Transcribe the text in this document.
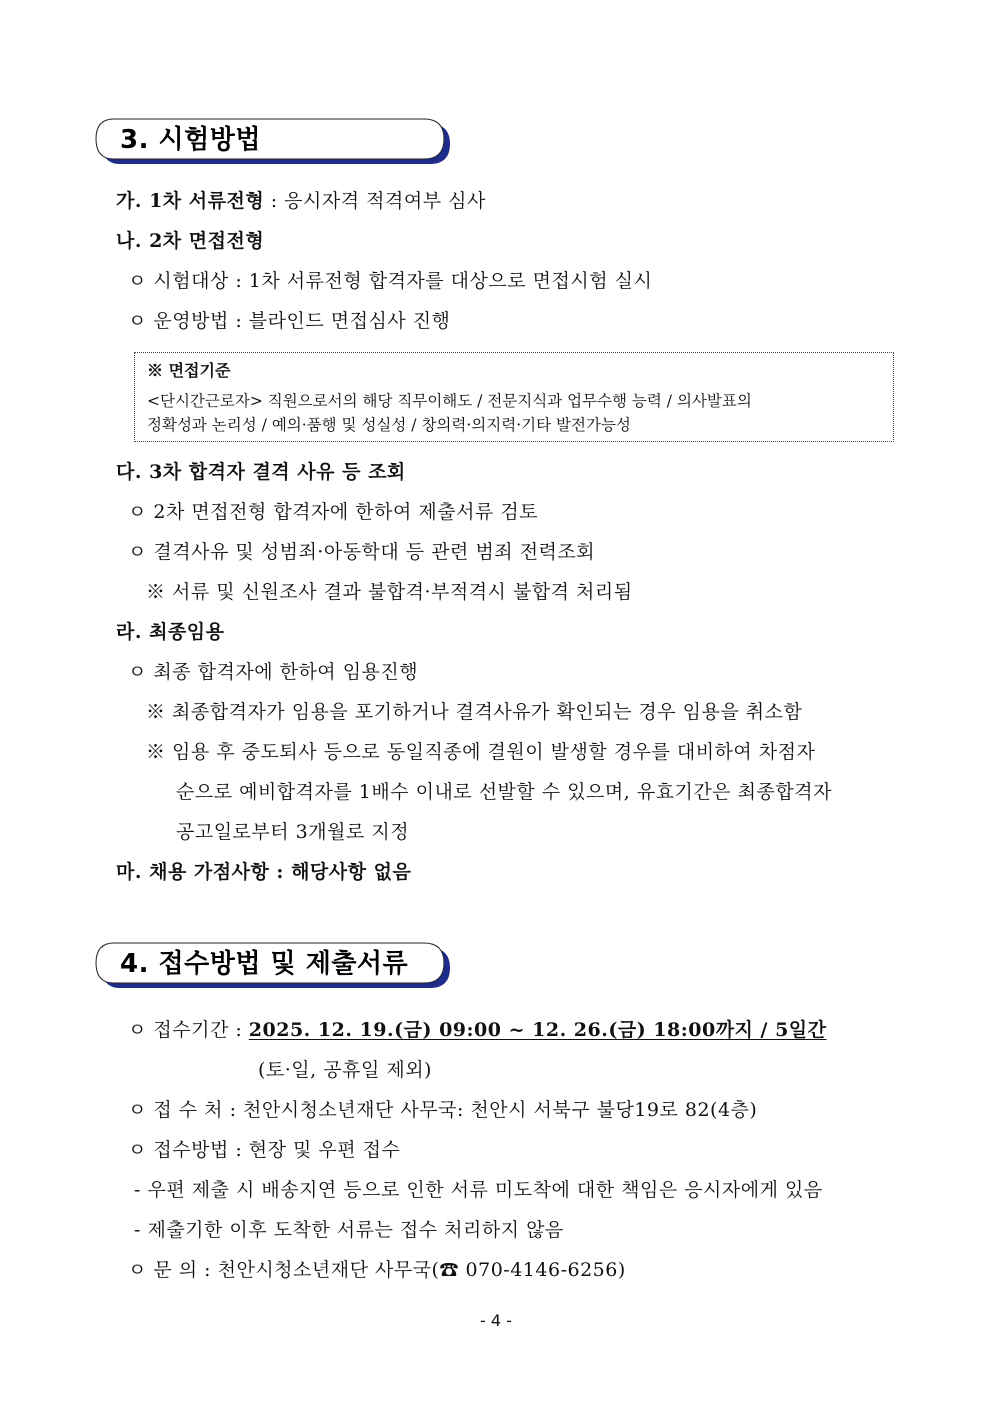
3. 시험방법
가. 1차 서류전형 : 응시자격 적격여부 심사
나. 2차 면접전형
ㅇ 시험대상 : 1차 서류전형 합격자를 대상으로 면접시험 실시
ㅇ 운영방법 : 블라인드 면접심사 진행
※ 면접기준
<단시간근로자> 직원으로서의 해당 직무이해도 / 전문지식과 업무수행 능력 / 의사발표의
정확성과 논리성 / 예의·품행 및 성실성 / 창의력·의지력·기타 발전가능성
다. 3차 합격자 결격 사유 등 조회
ㅇ 2차 면접전형 합격자에 한하여 제출서류 검토
ㅇ 결격사유 및 성범죄·아동학대 등 관련 범죄 전력조회
※ 서류 및 신원조사 결과 불합격·부적격시 불합격 처리됨
라. 최종임용
ㅇ 최종 합격자에 한하여 임용진행
※ 최종합격자가 임용을 포기하거나 결격사유가 확인되는 경우 임용을 취소함
※ 임용 후 중도퇴사 등으로 동일직종에 결원이 발생할 경우를 대비하여 차점자
순으로 예비합격자를 1배수 이내로 선발할 수 있으며, 유효기간은 최종합격자
공고일로부터 3개월로 지정
마. 채용 가점사항 : 해당사항 없음
4. 접수방법 및 제출서류
ㅇ 접수기간 : 2025. 12. 19.(금) 09:00 ~ 12. 26.(금) 18:00까지 / 5일간
(토·일, 공휴일 제외)
ㅇ 접 수 처 : 천안시청소년재단 사무국: 천안시 서북구 불당19로 82(4층)
ㅇ 접수방법 : 현장 및 우편 접수
- 우편 제출 시 배송지연 등으로 인한 서류 미도착에 대한 책임은 응시자에게 있음
- 제출기한 이후 도착한 서류는 접수 처리하지 않음
ㅇ 문 의 : 천안시청소년재단 사무국(☎ 070-4146-6256)
- 4 -
